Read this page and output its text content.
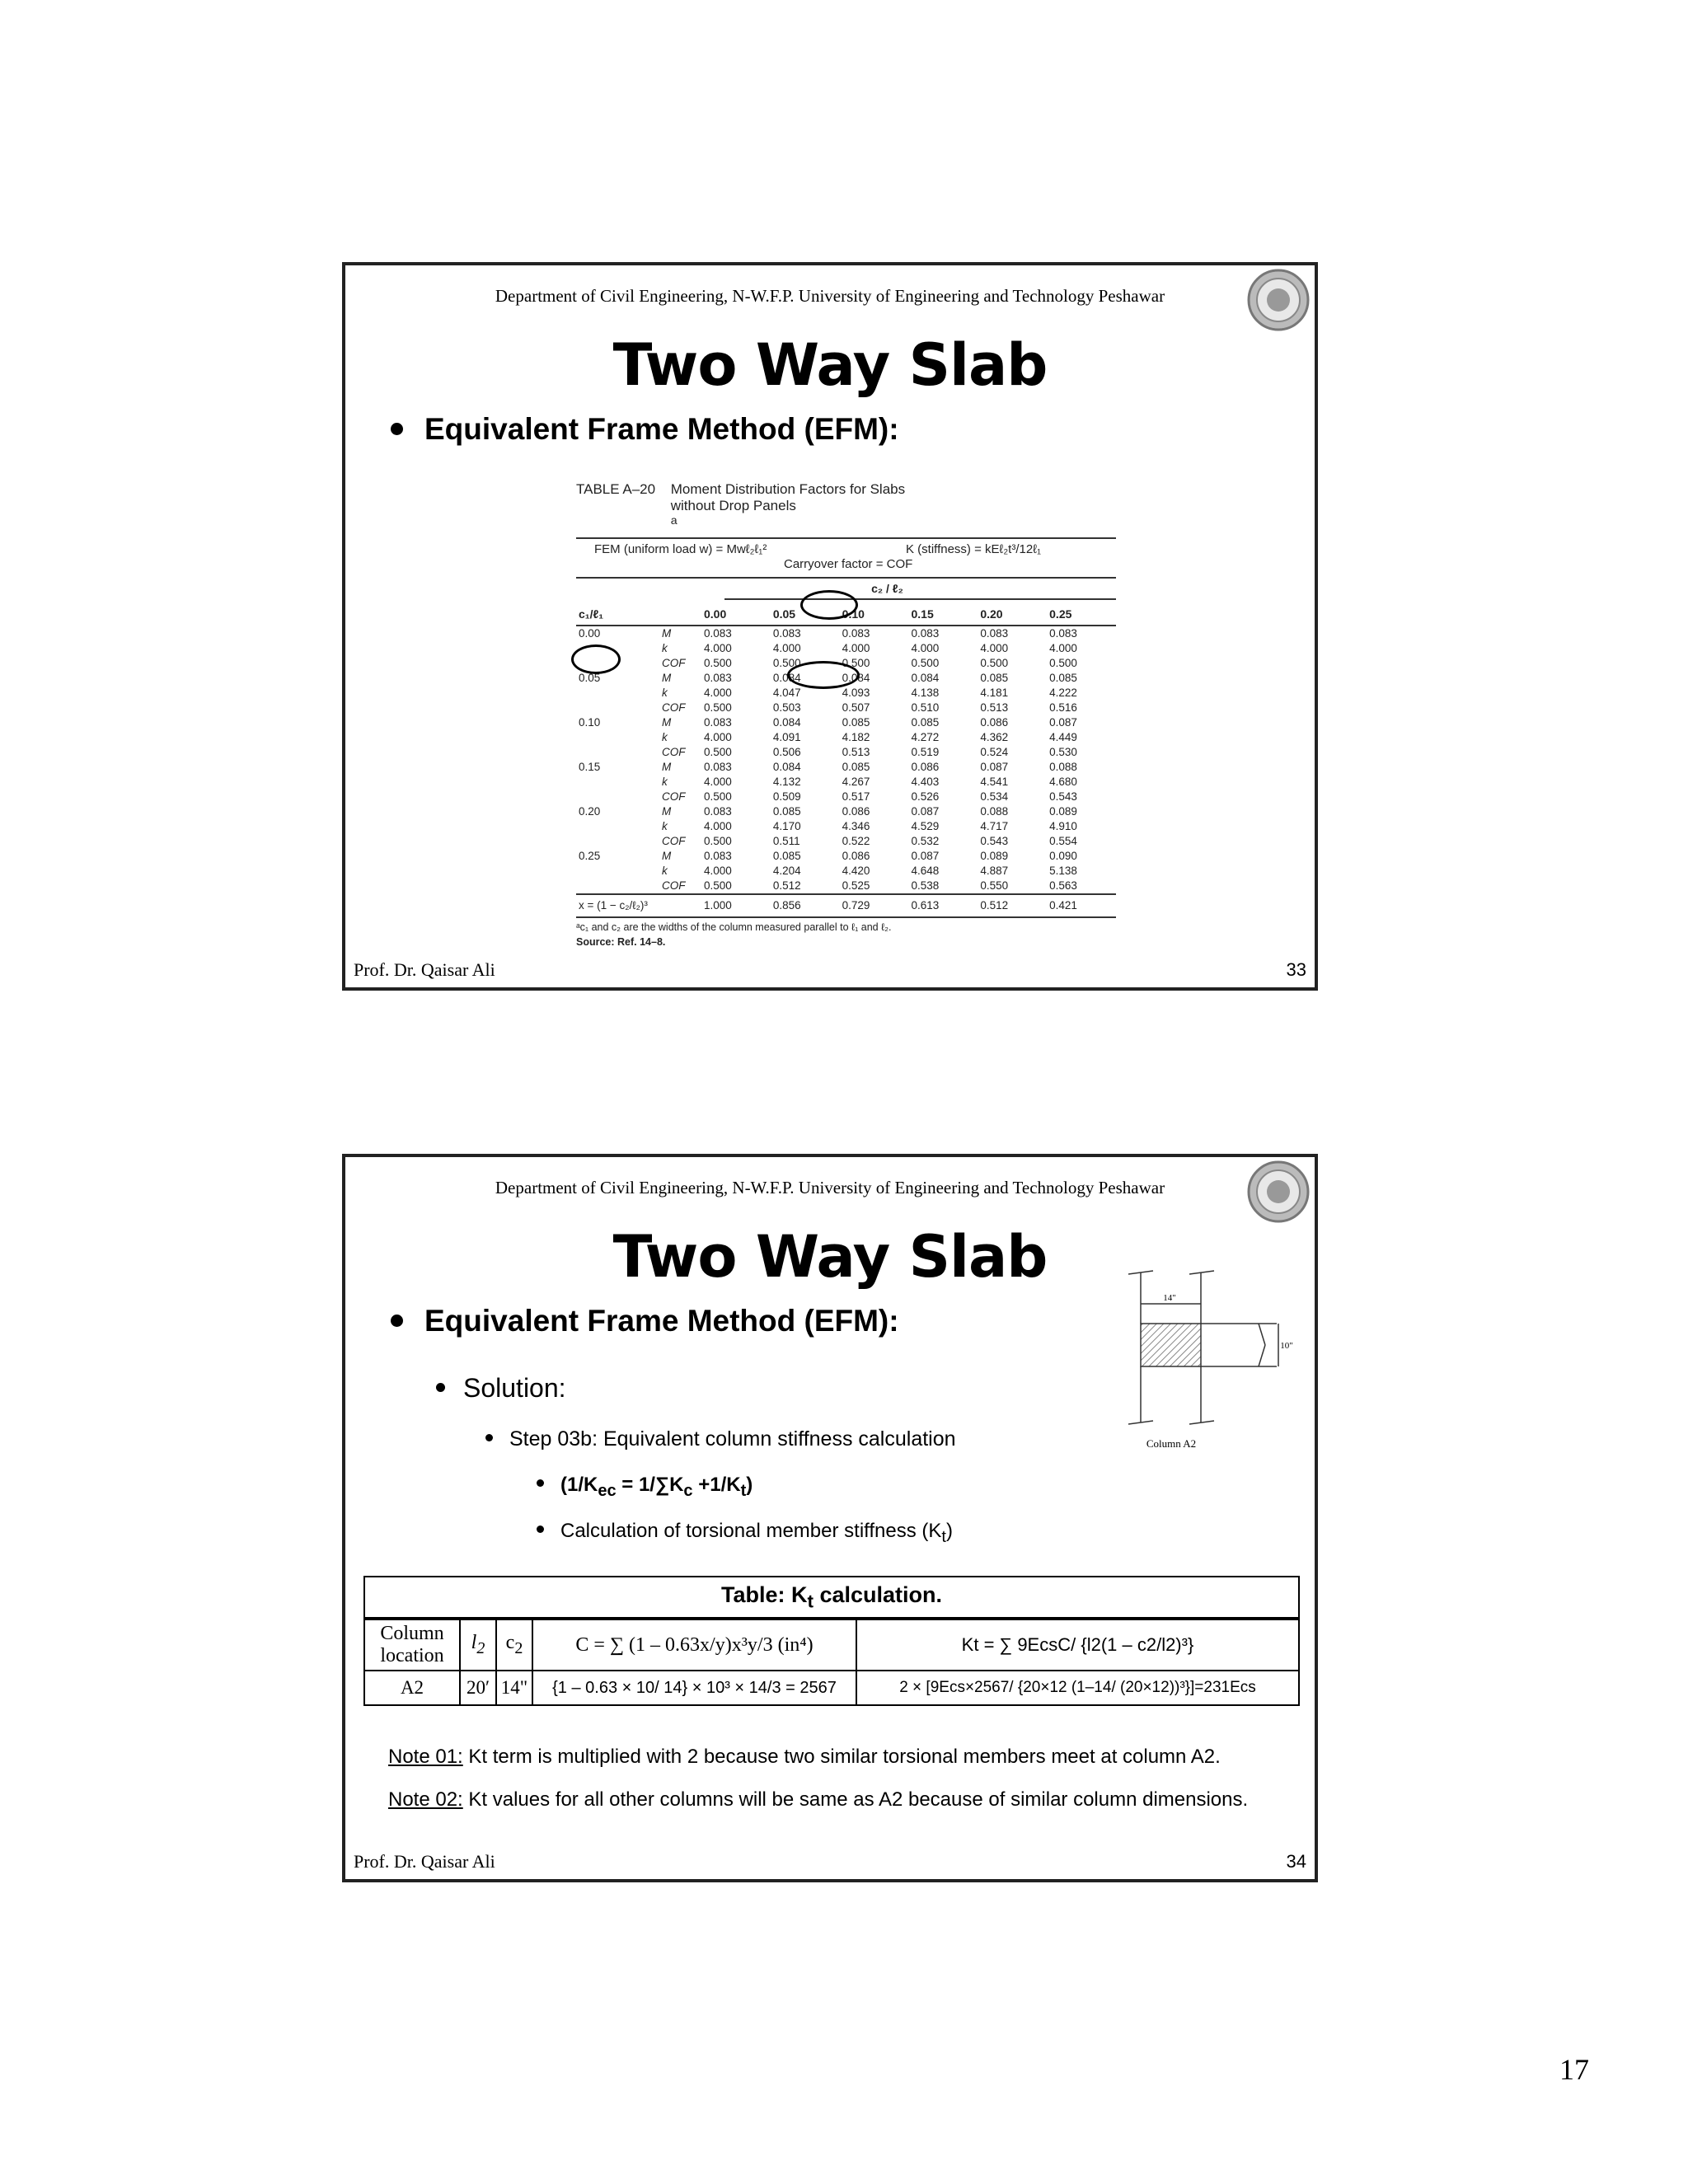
Department of Civil Engineering, N-W.F.P. University of Engineering and Technology Peshawar
Two Way Slab
Equivalent Frame Method (EFM):
TABLE A–20 Moment Distribution Factors for Slabs without Drop Panels$^a$
FEM (uniform load w) = Mwℓ₂ℓ₁²	K (stiffness) = kEℓ₂t³/12ℓ₁
Carryover factor = COF
c₂ / ℓ₂
c₁/ℓ₁		0.00	0.05	0.10	0.15	0.20	0.25
0.00	M	0.083	0.083	0.083	0.083	0.083	0.083
	k	4.000	4.000	4.000	4.000	4.000	4.000
	COF	0.500	0.500	0.500	0.500	0.500	0.500
0.05	M	0.083	0.084	0.084	0.084	0.085	0.085
	k	4.000	4.047	4.093	4.138	4.181	4.222
	COF	0.500	0.503	0.507	0.510	0.513	0.516
0.10	M	0.083	0.084	0.085	0.085	0.086	0.087
	k	4.000	4.091	4.182	4.272	4.362	4.449
	COF	0.500	0.506	0.513	0.519	0.524	0.530
0.15	M	0.083	0.084	0.085	0.086	0.087	0.088
	k	4.000	4.132	4.267	4.403	4.541	4.680
	COF	0.500	0.509	0.517	0.526	0.534	0.543
0.20	M	0.083	0.085	0.086	0.087	0.088	0.089
	k	4.000	4.170	4.346	4.529	4.717	4.910
	COF	0.500	0.511	0.522	0.532	0.543	0.554
0.25	M	0.083	0.085	0.086	0.087	0.089	0.090
	k	4.000	4.204	4.420	4.648	4.887	5.138
	COF	0.500	0.512	0.525	0.538	0.550	0.563
x = (1 − c₂/ℓ₂)³		1.000	0.856	0.729	0.613	0.512	0.421
ᵃc₁ and c₂ are the widths of the column measured parallel to ℓ₁ and ℓ₂.
Source: Ref. 14–8.
Prof. Dr. Qaisar Ali	33
Department of Civil Engineering, N-W.F.P. University of Engineering and Technology Peshawar
Two Way Slab
Equivalent Frame Method (EFM):
Solution:
Step 03b: Equivalent column stiffness calculation
$(1/K_{ec} = 1/\sum K_c +1/K_t)$
Calculation of torsional member stiffness $(K_t)$
14"
10"
Column A2
Table: $K_t$ calculation.				
Column location	$l_2$	$c_2$	C = ∑ (1 – 0.63x/y)x³y/3 (in⁴)	Kt = ∑ 9EcsC/ {l2(1 – c2/l2)³}
A2	20′	14"	{1 – 0.63 × 10/ 14} × 10³ × 14/3 = 2567	2 × [9Ecs×2567/ {20×12 (1–14/ (20×12))³}]=231Ecs
Note 01: Kt term is multiplied with 2 because two similar torsional members meet at column A2.
Note 02: Kt values for all other columns will be same as A2 because of similar column dimensions.
Prof. Dr. Qaisar Ali	34
17
